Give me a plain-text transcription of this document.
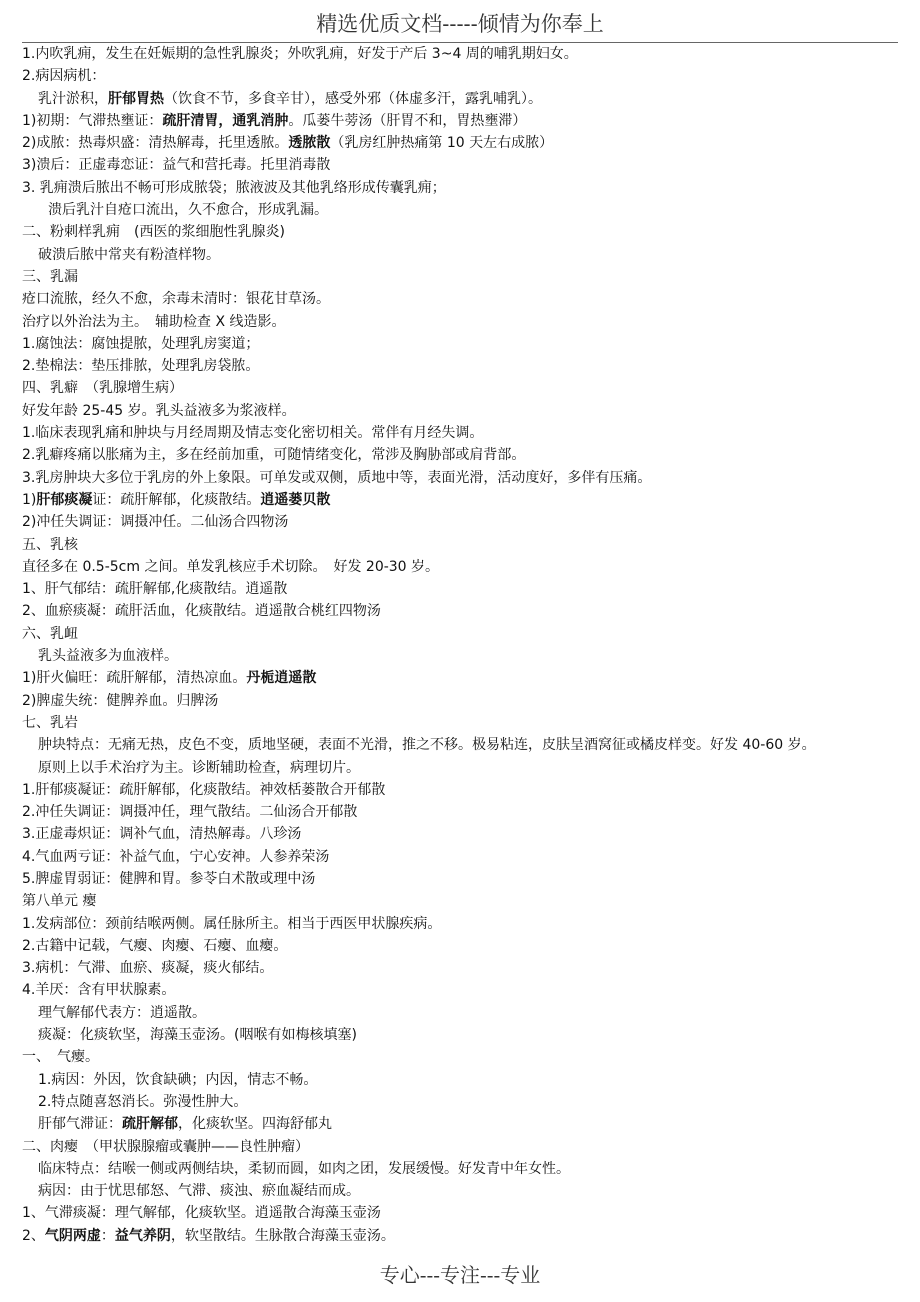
精选优质文档-----倾情为你奉上
1.内吹乳痈，发生在妊娠期的急性乳腺炎；外吹乳痈，好发于产后 3~4 周的哺乳期妇女。
2.病因病机：
乳汁淤积，肝郁胃热（饮食不节，多食辛甘），感受外邪（体虚多汗，露乳哺乳）。
1)初期：气滞热壅证：疏肝清胃，通乳消肿。瓜蒌牛蒡汤（肝胃不和，胃热壅滞）
2)成脓：热毒炽盛：清热解毒，托里透脓。透脓散（乳房红肿热痛第 10 天左右成脓）
3)溃后：正虚毒恋证：益气和营托毒。托里消毒散
3. 乳痈溃后脓出不畅可形成脓袋；脓液波及其他乳络形成传囊乳痈；
溃后乳汁自疮口流出，久不愈合，形成乳漏。
二、粉刺样乳痈　(西医的浆细胞性乳腺炎)
破溃后脓中常夹有粉渣样物。
三、乳漏
疮口流脓，经久不愈，余毒未清时：银花甘草汤。
治疗以外治法为主。　辅助检查 X 线造影。
1.腐蚀法：腐蚀提脓，处理乳房窦道；
2.垫棉法：垫压排脓，处理乳房袋脓。
四、乳癖　（乳腺增生病）
好发年龄 25-45 岁。乳头益液多为浆液样。
1.临床表现乳痛和肿块与月经周期及情志变化密切相关。常伴有月经失调。
2.乳癖疼痛以胀痛为主，多在经前加重，可随情绪变化，常涉及胸胁部或肩背部。
3.乳房肿块大多位于乳房的外上象限。可单发或双侧，质地中等，表面光滑，活动度好，多伴有压痛。
1)肝郁痰凝证：疏肝解郁，化痰散结。逍遥蒌贝散
2)冲任失调证：调摄冲任。二仙汤合四物汤
五、乳核
直径多在 0.5-5cm 之间。单发乳核应手术切除。　好发 20-30 岁。
1、肝气郁结：疏肝解郁,化痰散结。逍遥散
2、血瘀痰凝：疏肝活血，化痰散结。逍遥散合桃红四物汤
六、乳衄
乳头益液多为血液样。
1)肝火偏旺：疏肝解郁，清热凉血。丹栀逍遥散
2)脾虚失统：健脾养血。归脾汤
七、乳岩
肿块特点：无痛无热，皮色不变，质地坚硬，表面不光滑，推之不移。极易粘连，皮肤呈酒窝征或橘皮样变。好发 40-60 岁。
原则上以手术治疗为主。诊断辅助检查，病理切片。
1.肝郁痰凝证：疏肝解郁，化痰散结。神效栝蒌散合开郁散
2.冲任失调证：调摄冲任，理气散结。二仙汤合开郁散
3.正虚毒炽证：调补气血，清热解毒。八珍汤
4.气血两亏证：补益气血，宁心安神。人参养荣汤
5.脾虚胃弱证：健脾和胃。参苓白术散或理中汤
第八单元 瘿
1.发病部位：颈前结喉两侧。属任脉所主。相当于西医甲状腺疾病。
2.古籍中记载，气瘿、肉瘿、石瘿、血瘿。
3.病机：气滞、血瘀、痰凝，痰火郁结。
4.羊厌：含有甲状腺素。
理气解郁代表方：逍遥散。
痰凝：化痰软坚，海藻玉壶汤。(咽喉有如梅核填塞)
一、　气瘿。
1.病因：外因，饮食缺碘；内因，情志不畅。
2.特点随喜怒消长。弥漫性肿大。
肝郁气滞证：疏肝解郁，化痰软坚。四海舒郁丸
二、肉瘿　（甲状腺腺瘤或囊肿——良性肿瘤）
临床特点：结喉一侧或两侧结块，柔韧而圆，如肉之团，发展缓慢。好发青中年女性。
病因：由于忧思郁怒、气滞、痰浊、瘀血凝结而成。
1、气滞痰凝：理气解郁，化痰软坚。逍遥散合海藻玉壶汤
2、气阴两虚：益气养阴，软坚散结。生脉散合海藻玉壶汤。
专心---专注---专业
